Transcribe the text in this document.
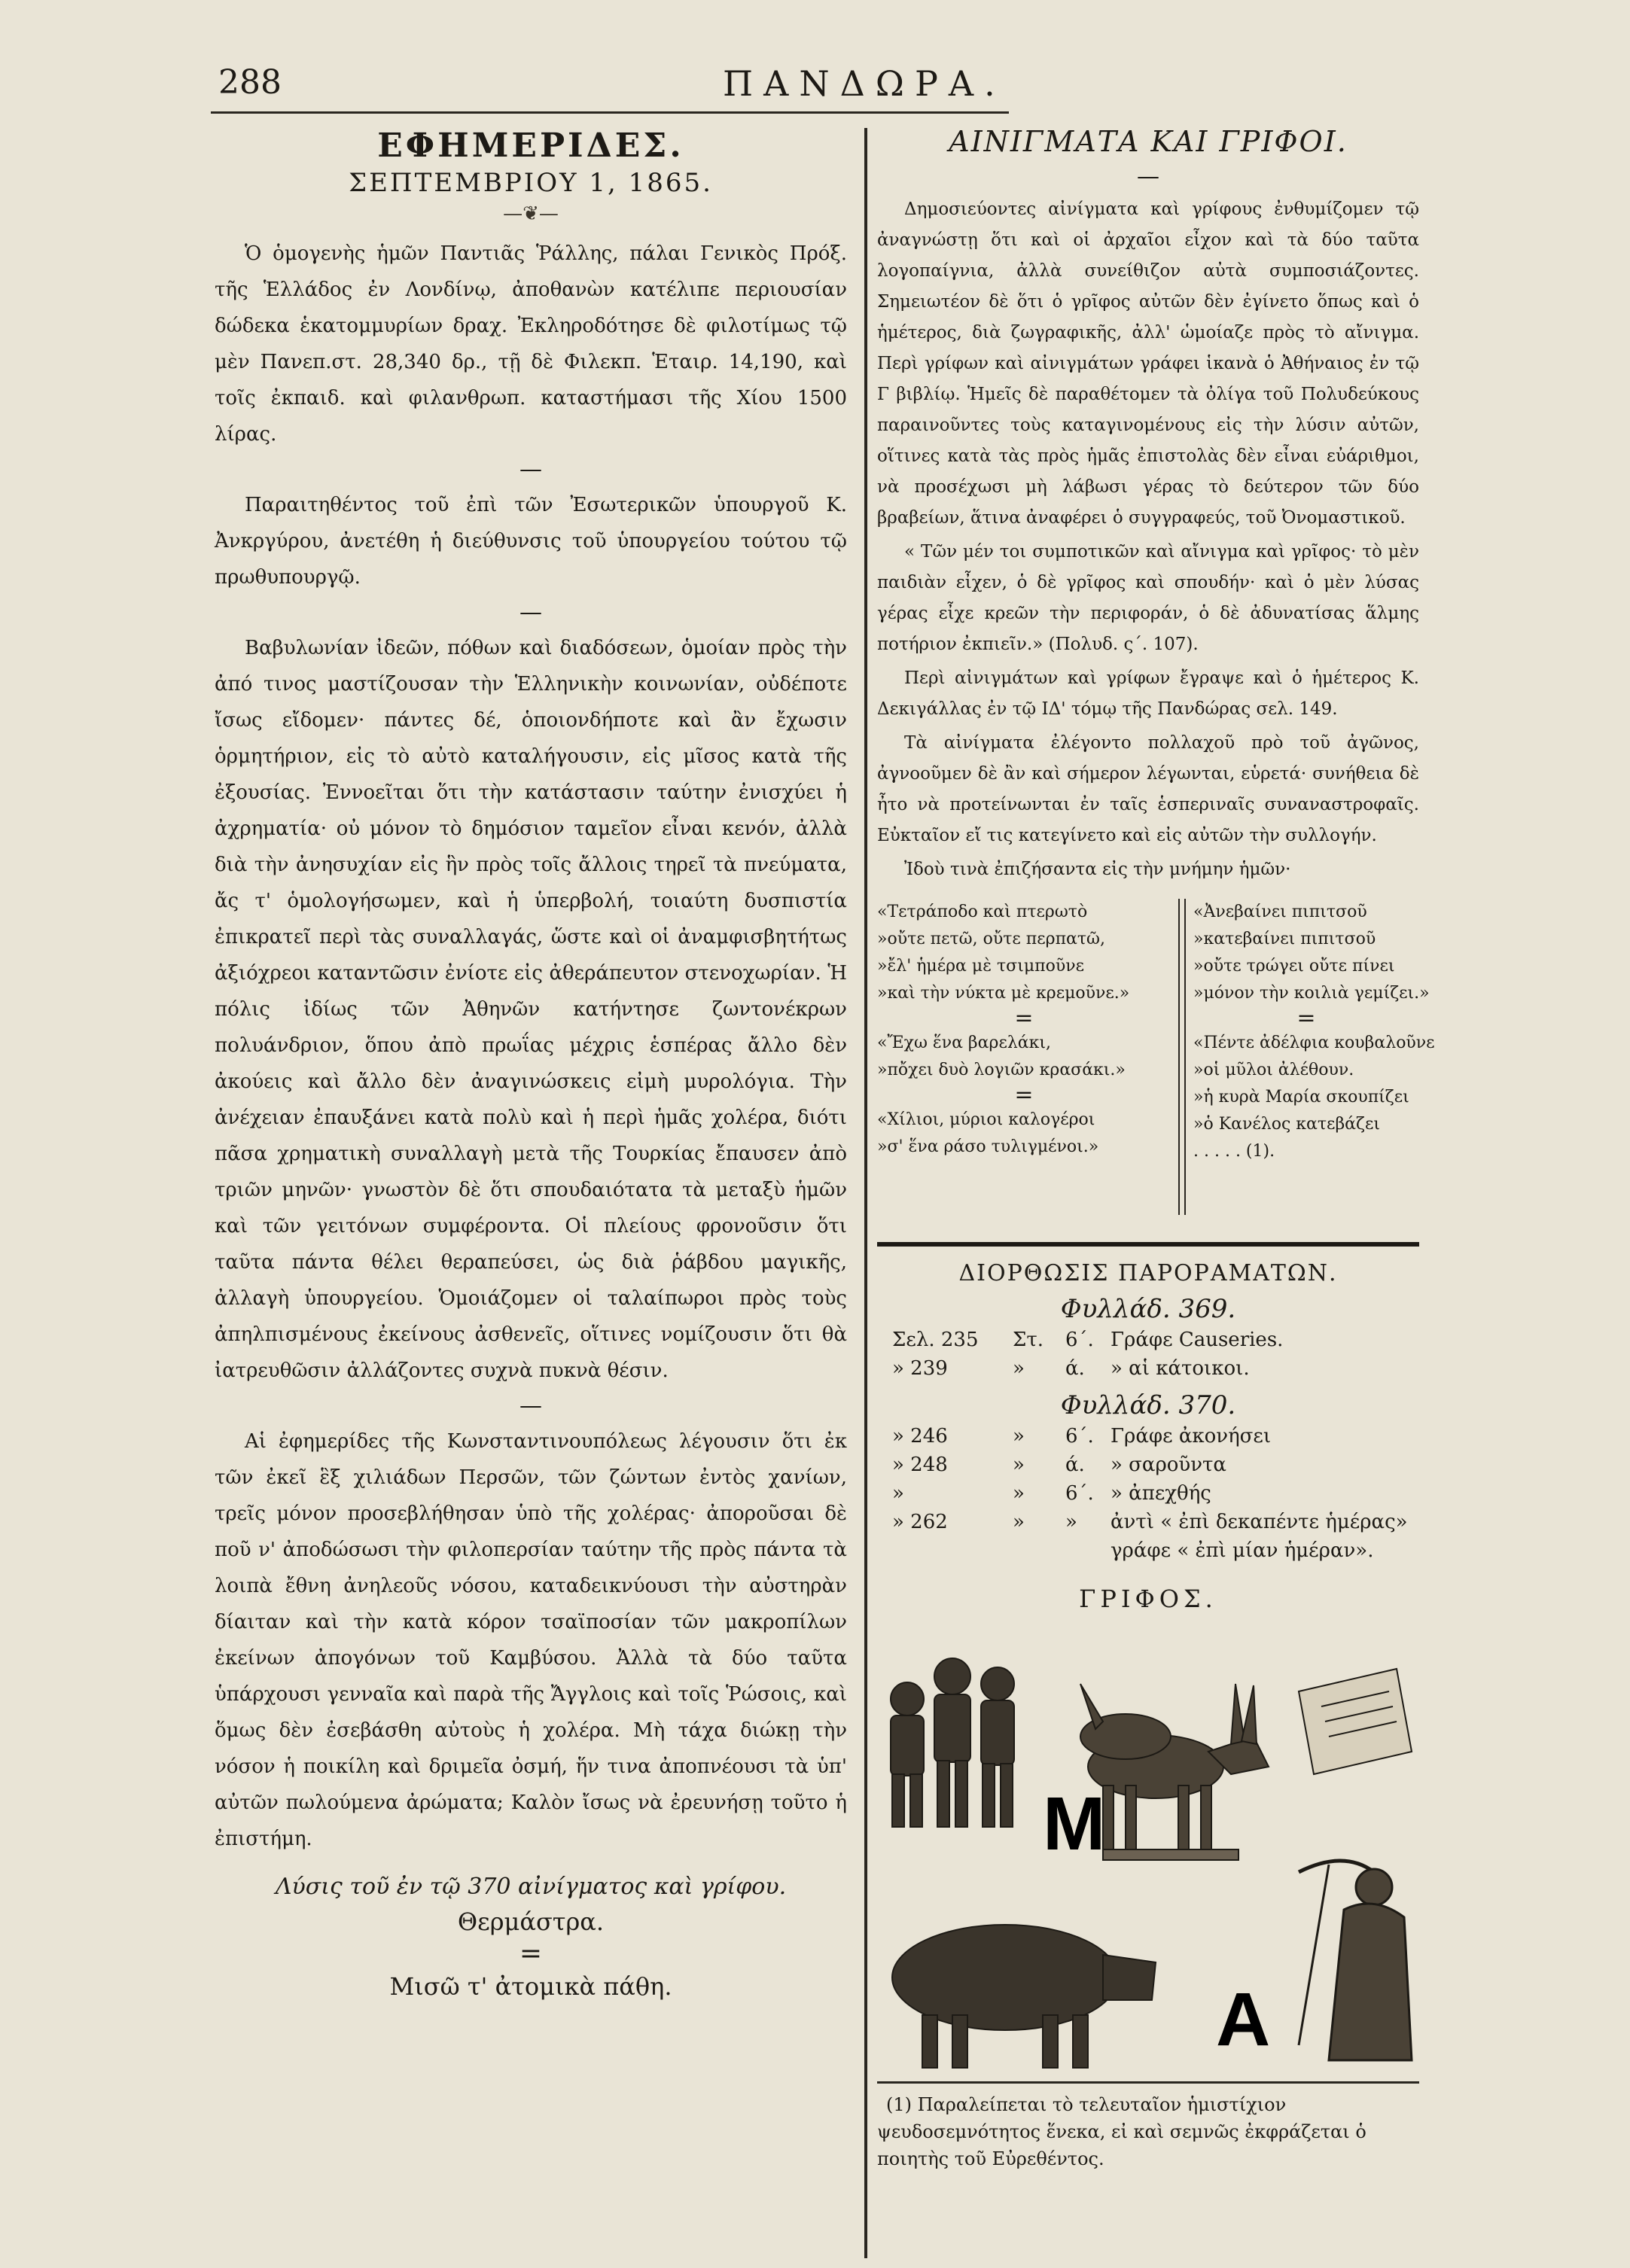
288	ΠΑΝΔΩΡΑ.
ΕΦΗΜΕΡΙΔΕΣ.
ΣΕΠΤΕΜΒΡΙΟΥ 1, 1865.
—❦—

Ὁ ὁμογενὴς ἡμῶν Παντιᾶς Ῥάλλης, πάλαι Γενικὸς Πρόξ. τῆς Ἑλλάδος ἐν Λονδίνῳ, ἀποθανὼν κατέλιπε περιουσίαν δώδεκα ἑκατομμυρίων δραχ. Ἐκληροδότησε δὲ φιλοτίμως τῷ μὲν Πανεπ.στ. 28,340 δρ., τῇ δὲ Φιλεκπ. Ἑταιρ. 14,190, καὶ τοῖς ἐκπαιδ. καὶ φιλανθρωπ. καταστήμασι τῆς Χίου 1500 λίρας.

—

Παραιτηθέντος τοῦ ἐπὶ τῶν Ἐσωτερικῶν ὑπουργοῦ Κ. Ἀνκργύρου, ἀνετέθη ἡ διεύθυνσις τοῦ ὑπουργείου τούτου τῷ πρωθυπουργῷ.

—

Βαβυλωνίαν ἰδεῶν, πόθων καὶ διαδόσεων, ὁμοίαν πρὸς τὴν ἀπό τινος μαστίζουσαν τὴν Ἑλληνικὴν κοινωνίαν, οὐδέποτε ἴσως εἴδομεν· πάντες δέ, ὁποιονδήποτε καὶ ἂν ἔχωσιν ὁρμητήριον, εἰς τὸ αὐτὸ καταλήγουσιν, εἰς μῖσος κατὰ τῆς ἐξουσίας. Ἐννοεῖται ὅτι τὴν κατάστασιν ταύτην ἐνισχύει ἡ ἀχρηματία· οὐ μόνον τὸ δημόσιον ταμεῖον εἶναι κενόν, ἀλλὰ διὰ τὴν ἀνησυχίαν εἰς ἣν πρὸς τοῖς ἄλλοις τηρεῖ τὰ πνεύματα, ἄς τ' ὁμολογήσωμεν, καὶ ἡ ὑπερβολή, τοιαύτη δυσπιστία ἐπικρατεῖ περὶ τὰς συναλλαγάς, ὥστε καὶ οἱ ἀναμφισβητήτως ἀξιόχρεοι καταντῶσιν ἐνίοτε εἰς ἀθεράπευτον στενοχωρίαν. Ἡ πόλις ἰδίως τῶν Ἀθηνῶν κατήντησε ζωντονέκρων πολυάνδριον, ὅπου ἀπὸ πρωΐας μέχρις ἑσπέρας ἄλλο δὲν ἀκούεις καὶ ἄλλο δὲν ἀναγινώσκεις εἰμὴ μυρολόγια. Τὴν ἀνέχειαν ἐπαυξάνει κατὰ πολὺ καὶ ἡ περὶ ἡμᾶς χολέρα, διότι πᾶσα χρηματικὴ συναλλαγὴ μετὰ τῆς Τουρκίας ἔπαυσεν ἀπὸ τριῶν μηνῶν· γνωστὸν δὲ ὅτι σπουδαιότατα τὰ μεταξὺ ἡμῶν καὶ τῶν γειτόνων συμφέροντα. Οἱ πλείους φρονοῦσιν ὅτι ταῦτα πάντα θέλει θεραπεύσει, ὡς διὰ ῥάβδου μαγικῆς, ἀλλαγὴ ὑπουργείου. Ὁμοιάζομεν οἱ ταλαίπωροι πρὸς τοὺς ἀπηλπισμένους ἐκείνους ἀσθενεῖς, οἵτινες νομίζουσιν ὅτι θὰ ἰατρευθῶσιν ἀλλάζοντες συχνὰ πυκνὰ θέσιν.

—

Αἱ ἐφημερίδες τῆς Κωνσταντινουπόλεως λέγουσιν ὅτι ἐκ τῶν ἐκεῖ ἓξ χιλιάδων Περσῶν, τῶν ζώντων ἐντὸς χανίων, τρεῖς μόνον προσεβλήθησαν ὑπὸ τῆς χολέρας· ἀποροῦσαι δὲ ποῦ ν' ἀποδώσωσι τὴν φιλοπερσίαν ταύτην τῆς πρὸς πάντα τὰ λοιπὰ ἔθνη ἀνηλεοῦς νόσου, καταδεικνύουσι τὴν αὐστηρὰν δίαιταν καὶ τὴν κατὰ κόρον τσαϊποσίαν τῶν μακροπίλων ἐκείνων ἀπογόνων τοῦ Καμβύσου. Ἀλλὰ τὰ δύο ταῦτα ὑπάρχουσι γενναῖα καὶ παρὰ τῆς Ἄγγλοις καὶ τοῖς Ῥώσοις, καὶ ὅμως δὲν ἐσεβάσθη αὐτοὺς ἡ χολέρα. Μὴ τάχα διώκῃ τὴν νόσον ἡ ποικίλη καὶ δριμεῖα ὀσμή, ἥν τινα ἀποπνέουσι τὰ ὑπ' αὐτῶν πωλούμενα ἀρώματα; Καλὸν ἴσως νὰ ἐρευνήσῃ τοῦτο ἡ ἐπιστήμη.

Λύσις τοῦ ἐν τῷ 370 αἰνίγματος καὶ γρίφου.
Θερμάστρα.
=
Μισῶ τ' ἀτομικὰ πάθη.
ΑΙΝΙΓΜΑΤΑ ΚΑΙ ΓΡΙΦΟΙ.
—

Δημοσιεύοντες αἰνίγματα καὶ γρίφους ἐνθυμίζομεν τῷ ἀναγνώστῃ ὅτι καὶ οἱ ἀρχαῖοι εἶχον καὶ τὰ δύο ταῦτα λογοπαίγνια, ἀλλὰ συνείθιζον αὐτὰ συμποσιάζοντες. Σημειωτέον δὲ ὅτι ὁ γρῖφος αὐτῶν δὲν ἐγίνετο ὅπως καὶ ὁ ἡμέτερος, διὰ ζωγραφικῆς, ἀλλ' ὡμοίαζε πρὸς τὸ αἴνιγμα. Περὶ γρίφων καὶ αἰνιγμάτων γράφει ἱκανὰ ὁ Ἀθήναιος ἐν τῷ Γ βιβλίῳ. Ἡμεῖς δὲ παραθέτομεν τὰ ὀλίγα τοῦ Πολυδεύκους παραινοῦντες τοὺς καταγινομένους εἰς τὴν λύσιν αὐτῶν, οἵτινες κατὰ τὰς πρὸς ἡμᾶς ἐπιστολὰς δὲν εἶναι εὐάριθμοι, νὰ προσέχωσι μὴ λάβωσι γέρας τὸ δεύτερον τῶν δύο βραβείων, ἅτινα ἀναφέρει ὁ συγγραφεύς, τοῦ Ὀνομαστικοῦ.

« Τῶν μέν τοι συμποτικῶν καὶ αἴνιγμα καὶ γρῖφος· τὸ μὲν παιδιὰν εἶχεν, ὁ δὲ γρῖφος καὶ σπουδήν· καὶ ὁ μὲν λύσας γέρας εἶχε κρεῶν τὴν περιφοράν, ὁ δὲ ἀδυνατίσας ἅλμης ποτήριον ἐκπιεῖν.» (Πολυδ. ς΄. 107).

Περὶ αἰνιγμάτων καὶ γρίφων ἔγραψε καὶ ὁ ἡμέτερος Κ. Δεκιγάλλας ἐν τῷ ΙΔ' τόμῳ τῆς Πανδώρας σελ. 149.

Τὰ αἰνίγματα ἐλέγοντο πολλαχοῦ πρὸ τοῦ ἀγῶνος, ἀγνοοῦμεν δὲ ἂν καὶ σήμερον λέγωνται, εὑρετά· συνήθεια δὲ ἦτο νὰ προτείνωνται ἐν ταῖς ἑσπεριναῖς συναναστροφαῖς. Εὐκταῖον εἴ τις κατεγίνετο καὶ εἰς αὐτῶν τὴν συλλογήν.

Ἰδοὺ τινὰ ἐπιζήσαντα εἰς τὴν μνήμην ἡμῶν·

«Τετράποδο καὶ πτερωτὸ
»οὔτε πετῶ, οὔτε περπατῶ,
»ἔλ' ἡμέρα μὲ τσιμποῦνε
»καὶ τὴν νύκτα μὲ κρεμοῦνε.»
=
«Ἔχω ἕνα βαρελάκι,
»πὄχει δυὸ λογιῶν κρασάκι.»
=
«Χίλιοι, μύριοι καλογέροι
»σ' ἕνα ράσο τυλιγμένοι.»
«Ἀνεβαίνει πιπιτσοῦ
»κατεβαίνει πιπιτσοῦ
»οὔτε τρώγει οὔτε πίνει
»μόνον τὴν κοιλιὰ γεμίζει.»
=
«Πέντε ἀδέλφια κουβαλοῦνε
»οἱ μῦλοι ἀλέθουν.
»ἡ κυρὰ Μαρία σκουπίζει
»ὁ Κανέλος κατεβάζει
. . . . . (1).
ΔΙΟΡΘΩΣΙΣ ΠΑΡΟΡΑΜΑΤΩΝ.
Φυλλάδ. 369.
Σελ. 235 Στ. 6΄. Γράφε Causeries.
» 239	» ά. » αἱ κάτοικοι.
Φυλλάδ. 370.
» 246	» 6΄. Γράφε ἀκονήσει
» 248	» ά. » σαροῦντα
»	» 6΄. » ἀπεχθής
» 262	» » ἀντὶ « ἐπὶ δεκαπέντε ἡμέρας»
γράφε « ἐπὶ μίαν ἡμέραν».
ΓΡΙΦΟΣ.
Μ
Α
(1) Παραλείπεται τὸ τελευταῖον ἡμιστίχιον ψευδοσεμνότητος ἕνεκα, εἰ καὶ σεμνῶς ἐκφράζεται ὁ ποιητὴς τοῦ Εὐρεθέντος.
